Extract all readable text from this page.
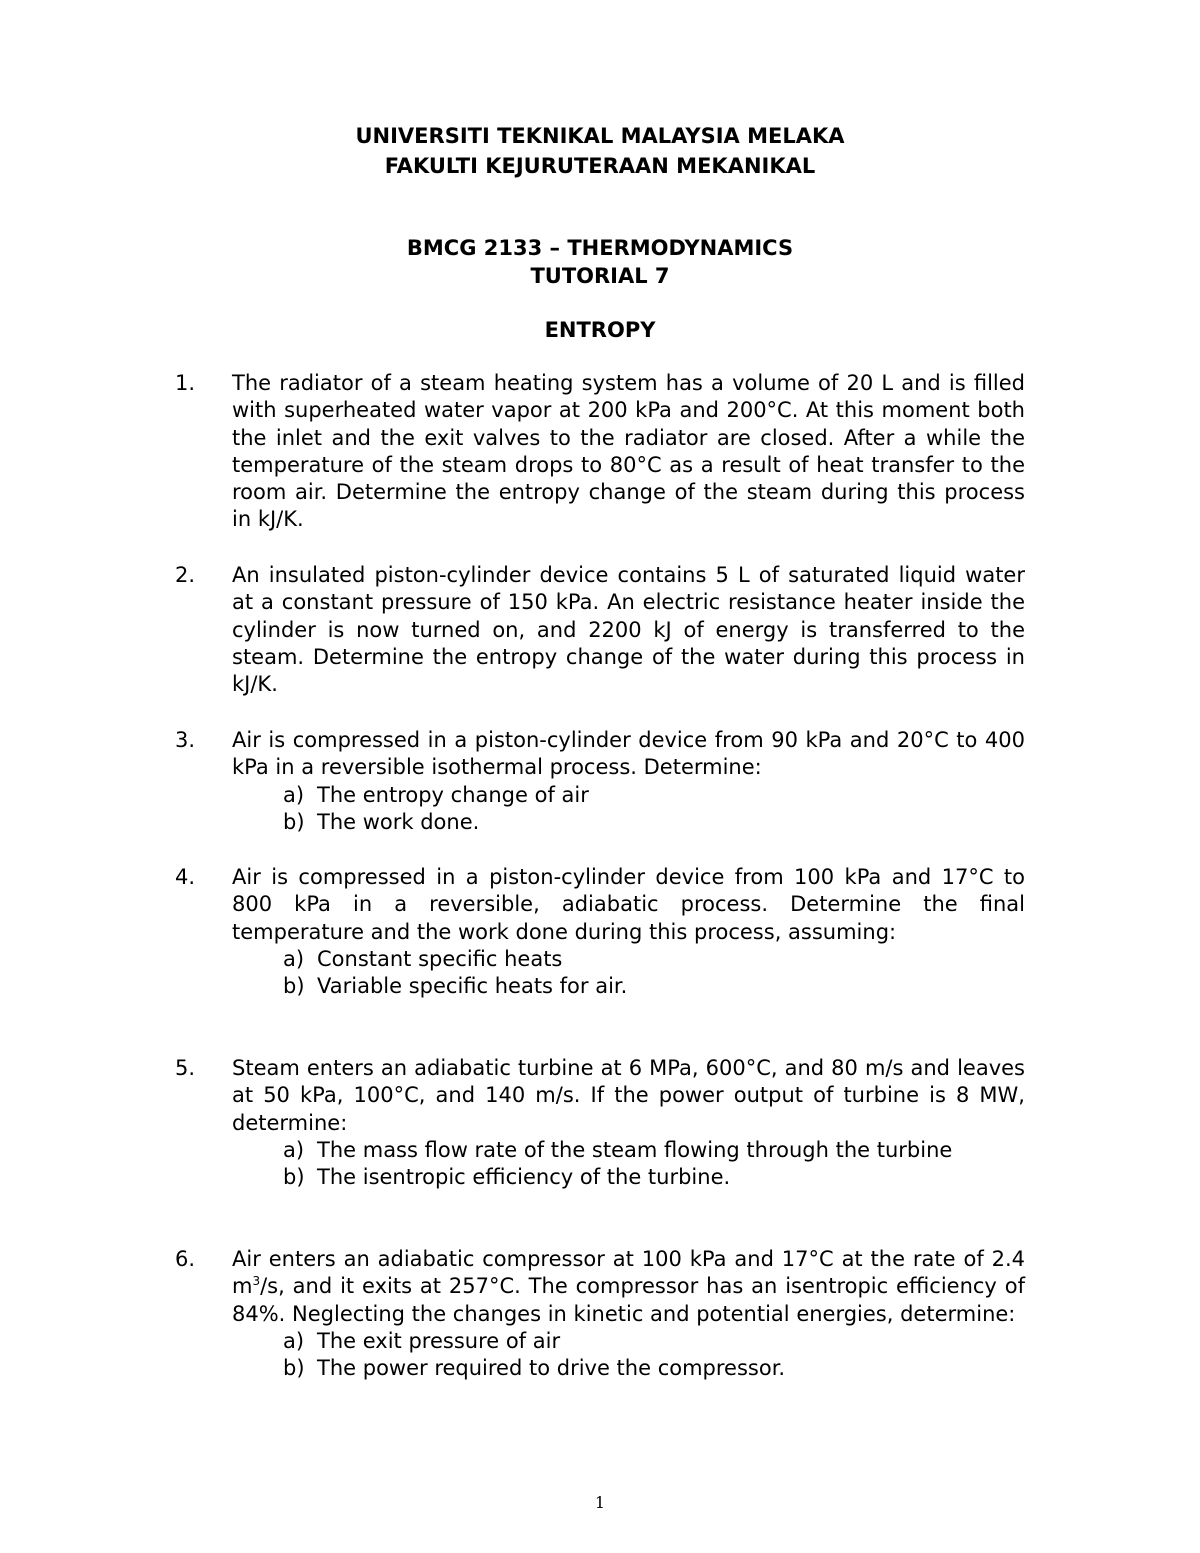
UNIVERSITI TEKNIKAL MALAYSIA MELAKA
FAKULTI KEJURUTERAAN MEKANIKAL
BMCG 2133 – THERMODYNAMICS
TUTORIAL 7
ENTROPY
1. The radiator of a steam heating system has a volume of 20 L and is filled with superheated water vapor at 200 kPa and 200°C. At this moment both the inlet and the exit valves to the radiator are closed. After a while the temperature of the steam drops to 80°C as a result of heat transfer to the room air. Determine the entropy change of the steam during this process in kJ/K.
2. An insulated piston-cylinder device contains 5 L of saturated liquid water at a constant pressure of 150 kPa. An electric resistance heater inside the cylinder is now turned on, and 2200 kJ of energy is transferred to the steam. Determine the entropy change of the water during this process in kJ/K.
3. Air is compressed in a piston-cylinder device from 90 kPa and 20°C to 400 kPa in a reversible isothermal process. Determine:
a) The entropy change of air
b) The work done.
4. Air is compressed in a piston-cylinder device from 100 kPa and 17°C to 800 kPa in a reversible, adiabatic process. Determine the final temperature and the work done during this process, assuming:
a) Constant specific heats
b) Variable specific heats for air.
5. Steam enters an adiabatic turbine at 6 MPa, 600°C, and 80 m/s and leaves at 50 kPa, 100°C, and 140 m/s. If the power output of turbine is 8 MW, determine:
a) The mass flow rate of the steam flowing through the turbine
b) The isentropic efficiency of the turbine.
6. Air enters an adiabatic compressor at 100 kPa and 17°C at the rate of 2.4 $m^3/s$, and it exits at 257°C. The compressor has an isentropic efficiency of 84%. Neglecting the changes in kinetic and potential energies, determine:
a) The exit pressure of air
b) The power required to drive the compressor.
1
